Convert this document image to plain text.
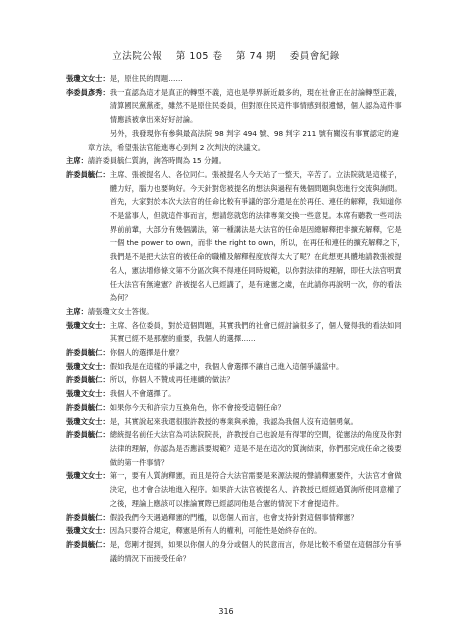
立法院公報 第 105 卷 第 74 期 委員會紀錄

張瓊文女士：是，原住民的問題……

李委員彥秀：我一直認為這才是真正的轉型不義，這也是學界新近最多的，現在社會正在討論轉型正義，清算國民黨黨產，雖然不是原住民委員，但對原住民這件事情感到很遺憾，個人認為這件事情應該被拿出來好好討論。

另外，我發現你有參與最高法院 98 判字 494 號、98 判字 211 號有關沒有事實認定的違章方法，希望張法官能進專心到判 2 次判決的決議文。

主席：請許委員毓仁質詢，詢答時間為 15 分鐘。

許委員毓仁：主席、張被提名人、各位同仁。張被提名人今天站了一整天，辛苦了。立法院就是這樣子，體力好，腦力也要夠好。今天針對您被提名的想法與過程有幾個問題與您進行交流與詢問。首先，大家對於本次大法官的任命比較有爭議的部分還是在於再任、連任的解釋，我知道你不是當事人，但就這件事而言，想請您就您的法律專業交換一些意見。本席有聽教一些司法界前前輩，大部分有幾個講法，第一種講法是大法官的任命是因總解釋把非擴充解釋，它是一個 the power to own，而非 the right to own，所以，在再任和連任的擴充解釋之下，我們是不是把大法官的被任命的職權及解釋程度放得太大了呢？在此想更具體地請教張被提名人，憲法增修條文第不分區次與不得連任同時規範，以你對法律的理解，即任大法官明責任大法官有無違憲？許被提名人已經講了，是有違憲之虞，在此請你再說明一次，你的看法為何？

主席：請張瓊文女士答復。

張瓊文女士：主席、各位委員，對於這個問題，其實我們的社會已經討論很多了，個人覺得我的看法如同其實已經不是那麼的重要，我個人的選擇……

許委員毓仁：你個人的選擇是什麼？

張瓊文女士：假如我是在這樣的爭議之中，我個人會選擇不讓自己進入這個爭議當中。

許委員毓仁：所以，你個人不贊成再任連續的做法？

張瓊文女士：我個人不會選擇了。

許委員毓仁：如果你今天和許宗力互換角色，你不會接受這個任命？

張瓊文女士：是，其實說起來我還很服許教授的專業與承擔，我認為我個人沒有這個勇氣。

許委員毓仁：總統提名前任大法官為司法院院長，許教授自己也說是有得罪的空間，從憲法的角度及你對法律的理解，你認為是否應該要規範？這是不是在這次的質詢結束，你們那完成任命之後要做的第一件事情？

張瓊文女士：第一，要有人質詢釋憲，而且是符合大法官需要是來源法規的聲請釋憲要件，大法官才會做決定，也才會合法地進入程序。如果許大法官被提名人、許教授已經經過質詢所使同意權了之後，理論上應該可以推論實際已經認同他是合憲的情況下才會提這件。

許委員毓仁：假設我們今天遇過釋憲的門檻，以您個人而言，也會支持針對這個事情釋憲？

張瓊文女士：因為只要符合規定，釋憲是所有人的權利，可能性是始終存在的。

許委員毓仁：是，您剛才提到，如果以你個人的身分或個人的民意而言，你是比較不希望在這個部分有爭議的情況下而接受任命？

316
